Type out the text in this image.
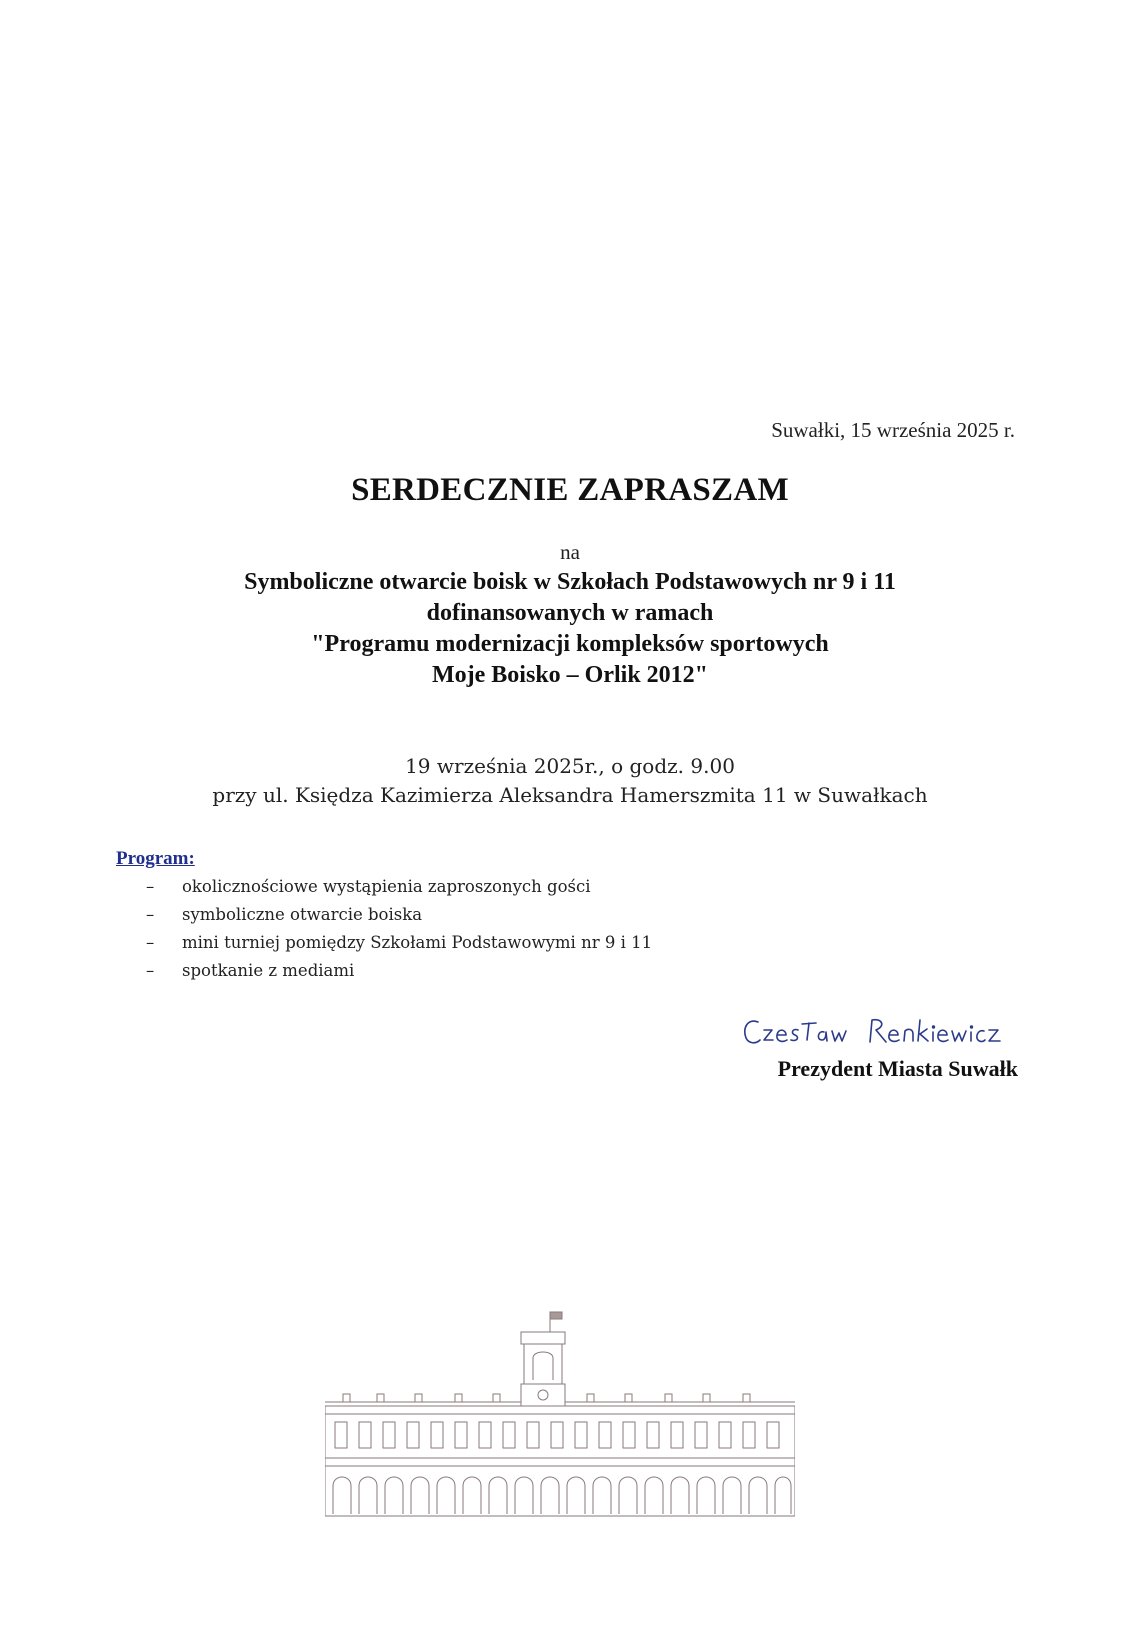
Suwałki, 15 września 2025 r.
SERDECZNIE ZAPRASZAM
na
Symboliczne otwarcie boisk w Szkołach Podstawowych nr 9 i 11
dofinansowanych w ramach
"Programu modernizacji kompleksów sportowych
Moje Boisko – Orlik 2012"
19 września 2025r., o godz. 9.00
przy ul. Księdza Kazimierza Aleksandra Hamerszmita 11 w Suwałkach
Program:
– okolicznościowe wystąpienia zaproszonych gości
– symboliczne otwarcie boiska
– mini turniej pomiędzy Szkołami Podstawowymi nr 9 i 11
– spotkanie z mediami
Prezydent Miasta Suwałk
